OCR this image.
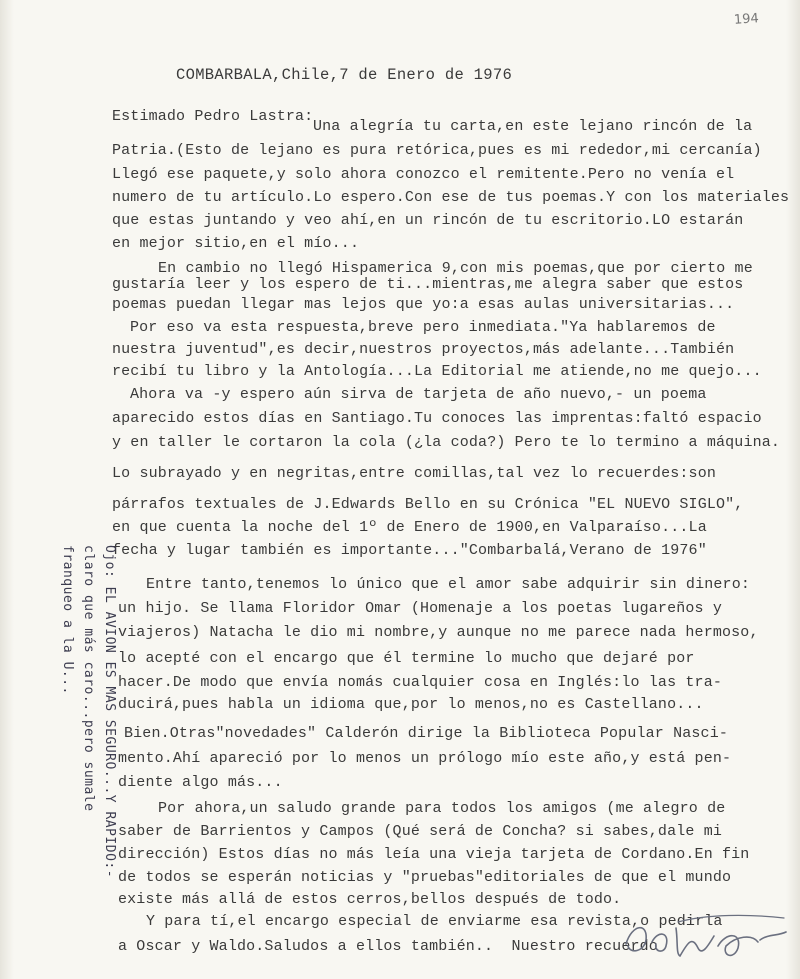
194
COMBARBALA,Chile,7 de Enero de 1976
Estimado Pedro Lastra:
Una alegría tu carta,en este lejano rincón de la
Patria.(Esto de lejano es pura retórica,pues es mi rededor,mi cercanía)
Llegó ese paquete,y solo ahora conozco el remitente.Pero no venía el
numero de tu artículo.Lo espero.Con ese de tus poemas.Y con los materiales
que estas juntando y veo ahí,en un rincón de tu escritorio.LO estarán
en mejor sitio,en el mío...
En cambio no llegó Hispamerica 9,con mis poemas,que por cierto me
gustaría leer y los espero de ti...mientras,me alegra saber que estos
poemas puedan llegar mas lejos que yo:a esas aulas universitarias...
Por eso va esta respuesta,breve pero inmediata."Ya hablaremos de
nuestra juventud",es decir,nuestros proyectos,más adelante...También
recibí tu libro y la Antología...La Editorial me atiende,no me quejo...
Ahora va -y espero aún sirva de tarjeta de año nuevo,- un poema
aparecido estos días en Santiago.Tu conoces las imprentas:faltó espacio
y en taller le cortaron la cola (¿la coda?) Pero te lo termino a máquina.
Lo subrayado y en negritas,entre comillas,tal vez lo recuerdes:son
párrafos textuales de J.Edwards Bello en su Crónica "EL NUEVO SIGLO",
en que cuenta la noche del 1º de Enero de 1900,en Valparaíso...La
fecha y lugar también es importante..."Combarbalá,Verano de 1976"
Entre tanto,tenemos lo único que el amor sabe adquirir sin dinero:
un hijo. Se llama Floridor Omar (Homenaje a los poetas lugareños y
viajeros) Natacha le dio mi nombre,y aunque no me parece nada hermoso,
lo acepté con el encargo que él termine lo mucho que dejaré por
hacer.De modo que envía nomás cualquier cosa en Inglés:lo las tra-
ducirá,pues habla un idioma que,por lo menos,no es Castellano...
Bien.Otras"novedades" Calderón dirige la Biblioteca Popular Nasci-
mento.Ahí apareció por lo menos un prólogo mío este año,y está pen-
diente algo más...
Por ahora,un saludo grande para todos los amigos (me alegro de
saber de Barrientos y Campos (Qué será de Concha? si sabes,dale mi
dirección) Estos días no más leía una vieja tarjeta de Cordano.En fin
de todos se esperán noticias y "pruebas"editoriales de que el mundo
existe más allá de estos cerros,bellos después de todo.
Y para tí,el encargo especial de enviarme esa revista,o pedirla
a Oscar y Waldo.Saludos a ellos también..  Nuestro recuerdo
Ojo: EL AVION ES MAS SEGURO...Y RAPIDO:-
claro que más caro...pero sumale
franqueo a la U...
